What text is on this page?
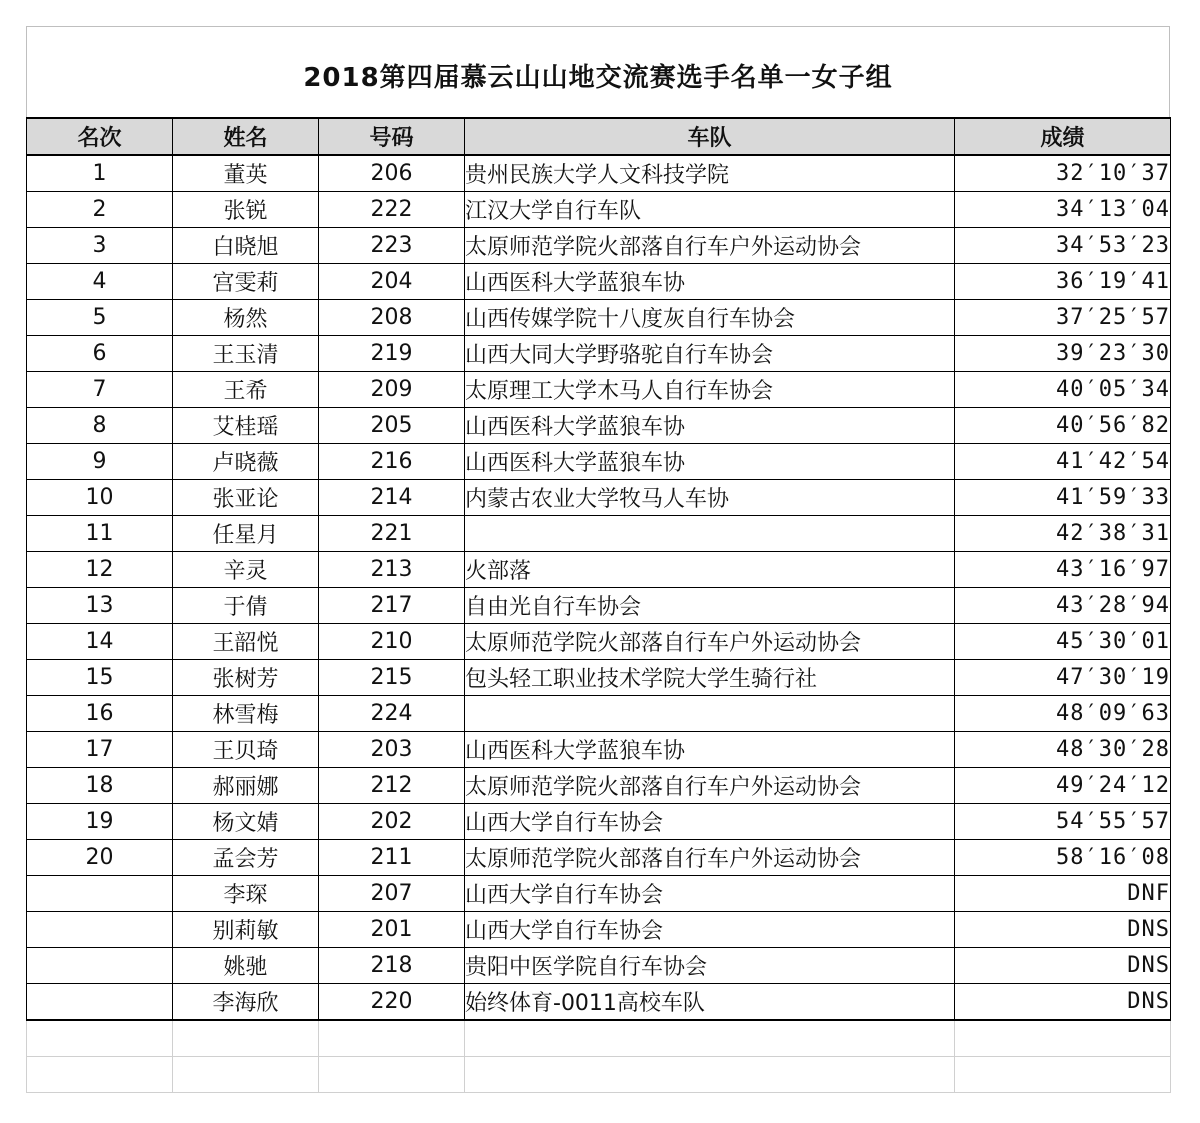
2018第四届慕云山山地交流赛选手名单一女子组
名次	姓名	号码	车队	成绩
1	董英	206	贵州民族大学人文科技学院	32′10′37
2	张锐	222	江汉大学自行车队	34′13′04
3	白晓旭	223	太原师范学院火部落自行车户外运动协会	34′53′23
4	宫雯莉	204	山西医科大学蓝狼车协	36′19′41
5	杨然	208	山西传媒学院十八度灰自行车协会	37′25′57
6	王玉清	219	山西大同大学野骆驼自行车协会	39′23′30
7	王希	209	太原理工大学木马人自行车协会	40′05′34
8	艾桂瑶	205	山西医科大学蓝狼车协	40′56′82
9	卢晓薇	216	山西医科大学蓝狼车协	41′42′54
10	张亚论	214	内蒙古农业大学牧马人车协	41′59′33
11	任星月	221		42′38′31
12	辛灵	213	火部落	43′16′97
13	于倩	217	自由光自行车协会	43′28′94
14	王韶悦	210	太原师范学院火部落自行车户外运动协会	45′30′01
15	张树芳	215	包头轻工职业技术学院大学生骑行社	47′30′19
16	林雪梅	224		48′09′63
17	王贝琦	203	山西医科大学蓝狼车协	48′30′28
18	郝丽娜	212	太原师范学院火部落自行车户外运动协会	49′24′12
19	杨文婧	202	山西大学自行车协会	54′55′57
20	孟会芳	211	太原师范学院火部落自行车户外运动协会	58′16′08
	李琛	207	山西大学自行车协会	DNF
	别莉敏	201	山西大学自行车协会	DNS
	姚驰	218	贵阳中医学院自行车协会	DNS
	李海欣	220	始终体育-0011高校车队	DNS
